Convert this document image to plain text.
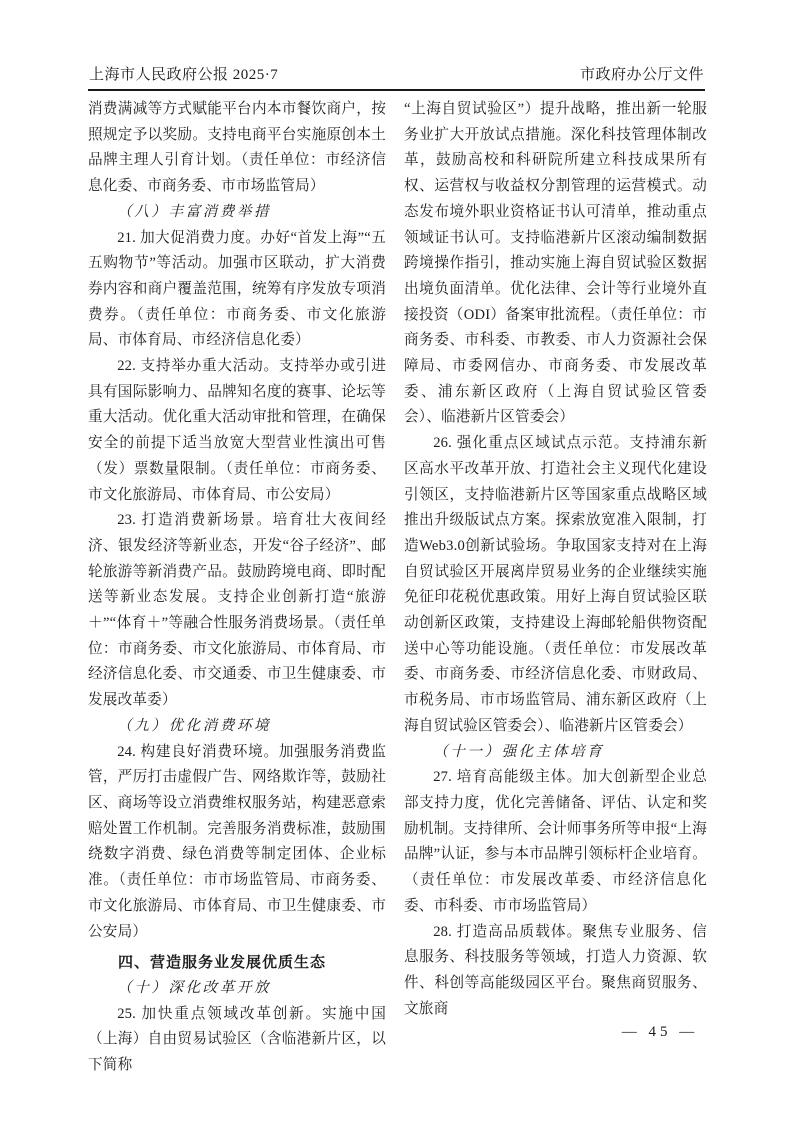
上海市人民政府公报 2025·7	市政府办公厅文件

消费满减等方式赋能平台内本市餐饮商户，按照规定予以奖励。支持电商平台实施原创本土品牌主理人引育计划。（责任单位：市经济信息化委、市商务委、市市场监管局）

（八）丰富消费举措

21. 加大促消费力度。办好“首发上海”“五五购物节”等活动。加强市区联动，扩大消费券内容和商户覆盖范围，统筹有序发放专项消费券。（责任单位：市商务委、市文化旅游局、市体育局、市经济信息化委）

22. 支持举办重大活动。支持举办或引进具有国际影响力、品牌知名度的赛事、论坛等重大活动。优化重大活动审批和管理，在确保安全的前提下适当放宽大型营业性演出可售（发）票数量限制。（责任单位：市商务委、市文化旅游局、市体育局、市公安局）

23. 打造消费新场景。培育壮大夜间经济、银发经济等新业态，开发“谷子经济”、邮轮旅游等新消费产品。鼓励跨境电商、即时配送等新业态发展。支持企业创新打造“旅游＋”“体育＋”等融合性服务消费场景。（责任单位：市商务委、市文化旅游局、市体育局、市经济信息化委、市交通委、市卫生健康委、市发展改革委）

（九）优化消费环境

24. 构建良好消费环境。加强服务消费监管，严厉打击虚假广告、网络欺诈等，鼓励社区、商场等设立消费维权服务站，构建恶意索赔处置工作机制。完善服务消费标准，鼓励围绕数字消费、绿色消费等制定团体、企业标准。（责任单位：市市场监管局、市商务委、市文化旅游局、市体育局、市卫生健康委、市公安局）

四、营造服务业发展优质生态

（十）深化改革开放

25. 加快重点领域改革创新。实施中国（上海）自由贸易试验区（含临港新片区，以下简称

“上海自贸试验区”）提升战略，推出新一轮服务业扩大开放试点措施。深化科技管理体制改革，鼓励高校和科研院所建立科技成果所有权、运营权与收益权分割管理的运营模式。动态发布境外职业资格证书认可清单，推动重点领域证书认可。支持临港新片区滚动编制数据跨境操作指引，推动实施上海自贸试验区数据出境负面清单。优化法律、会计等行业境外直接投资（ODI）备案审批流程。（责任单位：市商务委、市科委、市教委、市人力资源社会保障局、市委网信办、市商务委、市发展改革委、浦东新区政府（上海自贸试验区管委会）、临港新片区管委会）

26. 强化重点区域试点示范。支持浦东新区高水平改革开放、打造社会主义现代化建设引领区，支持临港新片区等国家重点战略区域推出升级版试点方案。探索放宽准入限制，打造Web3.0创新试验场。争取国家支持对在上海自贸试验区开展离岸贸易业务的企业继续实施免征印花税优惠政策。用好上海自贸试验区联动创新区政策，支持建设上海邮轮船供物资配送中心等功能设施。（责任单位：市发展改革委、市商务委、市经济信息化委、市财政局、市税务局、市市场监管局、浦东新区政府（上海自贸试验区管委会）、临港新片区管委会）

（十一）强化主体培育

27. 培育高能级主体。加大创新型企业总部支持力度，优化完善储备、评估、认定和奖励机制。支持律所、会计师事务所等申报“上海品牌”认证，参与本市品牌引领标杆企业培育。（责任单位：市发展改革委、市经济信息化委、市科委、市市场监管局）

28. 打造高品质载体。聚焦专业服务、信息服务、科技服务等领域，打造人力资源、软件、科创等高能级园区平台。聚焦商贸服务、文旅商

— 45 —
